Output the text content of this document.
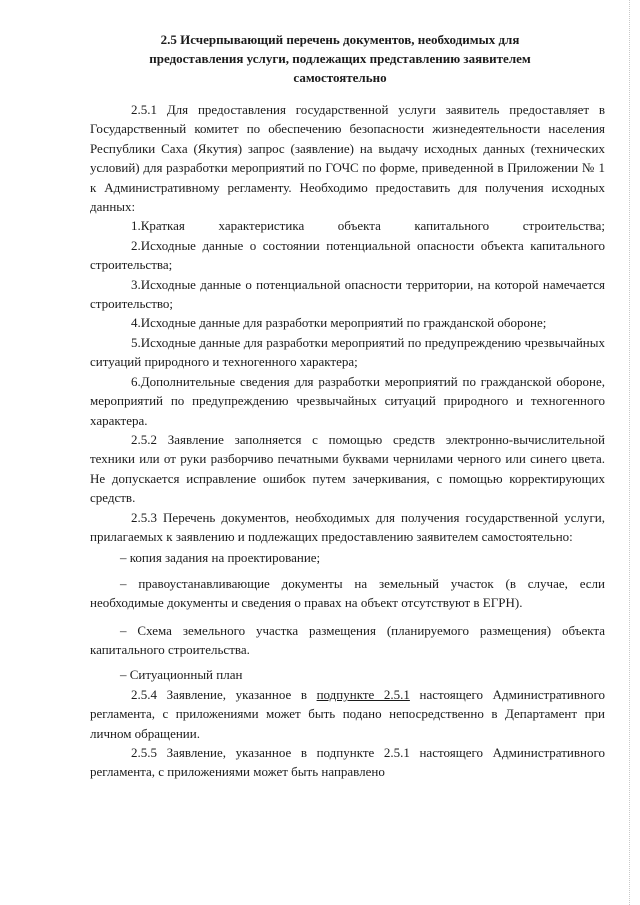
2.5 Исчерпывающий перечень документов, необходимых для
предоставления услуги, подлежащих представлению заявителем
самостоятельно
2.5.1 Для предоставления государственной услуги заявитель предоставляет в Государственный комитет по обеспечению безопасности жизнедеятельности населения Республики Саха (Якутия) запрос (заявление) на выдачу исходных данных (технических условий) для разработки мероприятий по ГОЧС по форме, приведенной в Приложении № 1 к Административному регламенту. Необходимо предоставить для получения исходных данных:
1.Краткая характеристика объекта капитального строительства;
2.Исходные данные о состоянии потенциальной опасности объекта капитального строительства;
3.Исходные данные о потенциальной опасности территории, на которой намечается строительство;
4.Исходные данные для разработки мероприятий по гражданской обороне;
5.Исходные данные для разработки мероприятий по предупреждению чрезвычайных ситуаций природного и техногенного характера;
6.Дополнительные сведения для разработки мероприятий по гражданской обороне, мероприятий по предупреждению чрезвычайных ситуаций природного и техногенного характера.
2.5.2 Заявление заполняется с помощью средств электронно-вычислительной техники или от руки разборчиво печатными буквами чернилами черного или синего цвета. Не допускается исправление ошибок путем зачеркивания, с помощью корректирующих средств.
2.5.3 Перечень документов, необходимых для получения государственной услуги, прилагаемых к заявлению и подлежащих предоставлению заявителем самостоятельно:
– копия задания на проектирование;
– правоустанавливающие документы на земельный участок (в случае, если необходимые документы и сведения о правах на объект отсутствуют в ЕГРН).
– Схема земельного участка размещения (планируемого размещения) объекта капитального строительства.
– Ситуационный план
2.5.4 Заявление, указанное в подпункте 2.5.1 настоящего Административного регламента, с приложениями может быть подано непосредственно в Департамент при личном обращении.
2.5.5 Заявление, указанное в подпункте 2.5.1 настоящего Административного регламента, с приложениями может быть направлено
